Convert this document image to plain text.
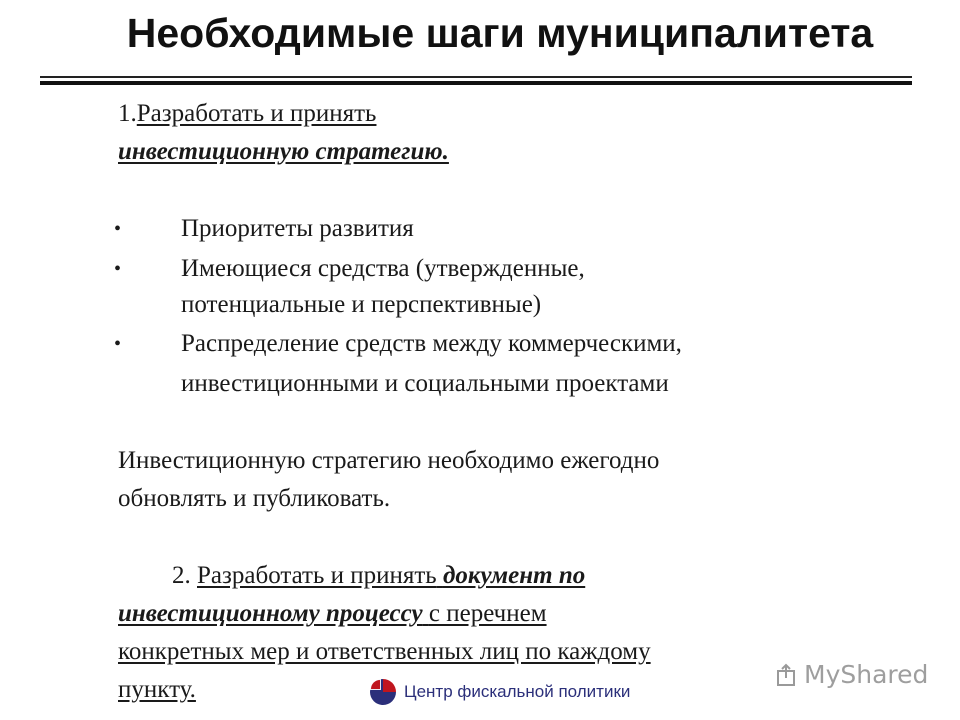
Необходимые шаги муниципалитета
1.Разработать и принять
инвестиционную стратегию.
• Приоритеты развития
• Имеющиеся средства (утвержденные,
потенциальные и перспективные)
• Распределение средств между коммерческими,
инвестиционными и социальными проектами
Инвестиционную стратегию необходимо ежегодно
обновлять и публиковать.
2. Разработать и принять документ по
инвестиционному процессу с перечнем
конкретных мер и ответственных лиц по каждому
пункту.	Центр фискальной политики
MyShared
